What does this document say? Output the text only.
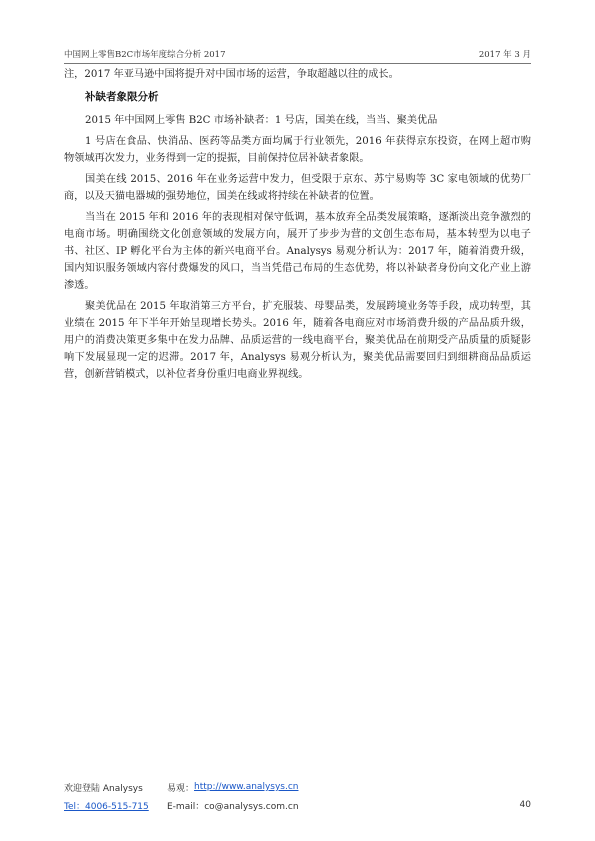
中国网上零售B2C市场年度综合分析 2017	2017 年 3 月

注，2017 年亚马逊中国将提升对中国市场的运营，争取超越以往的成长。

补缺者象限分析

2015 年中国网上零售 B2C 市场补缺者：1 号店，国美在线，当当、聚美优品

1 号店在食品、快消品、医药等品类方面均属于行业领先，2016 年获得京东投资，在网上超市购物领域再次发力，业务得到一定的提振，目前保持位居补缺者象限。

国美在线 2015、2016 年在业务运营中发力，但受限于京东、苏宁易购等 3C 家电领域的优势厂商，以及天猫电器城的强势地位，国美在线或将持续在补缺者的位置。

当当在 2015 年和 2016 年的表现相对保守低调，基本放弃全品类发展策略，逐渐淡出竞争激烈的电商市场。明确围绕文化创意领域的发展方向，展开了步步为营的文创生态布局，基本转型为以电子书、社区、IP 孵化平台为主体的新兴电商平台。Analysys 易观分析认为：2017 年，随着消费升级，国内知识服务领域内容付费爆发的风口，当当凭借己布局的生态优势，将以补缺者身份向文化产业上游渗透。

聚美优品在 2015 年取消第三方平台，扩充服装、母婴品类，发展跨境业务等手段，成功转型，其业绩在 2015 年下半年开始呈现增长势头。2016 年，随着各电商应对市场消费升级的产品品质升级，用户的消费决策更多集中在发力品牌、品质运营的一线电商平台，聚美优品在前期受产品质量的质疑影响下发展显现一定的迟滞。2017 年，Analysys 易观分析认为，聚美优品需要回归到细耕商品品质运营，创新营销模式，以补位者身份重归电商业界视线。

欢迎登陆 Analysys	易观： http://www.analysys.cn
Tel：4006-515-715	E-mail：co@analysys.com.cn	40
